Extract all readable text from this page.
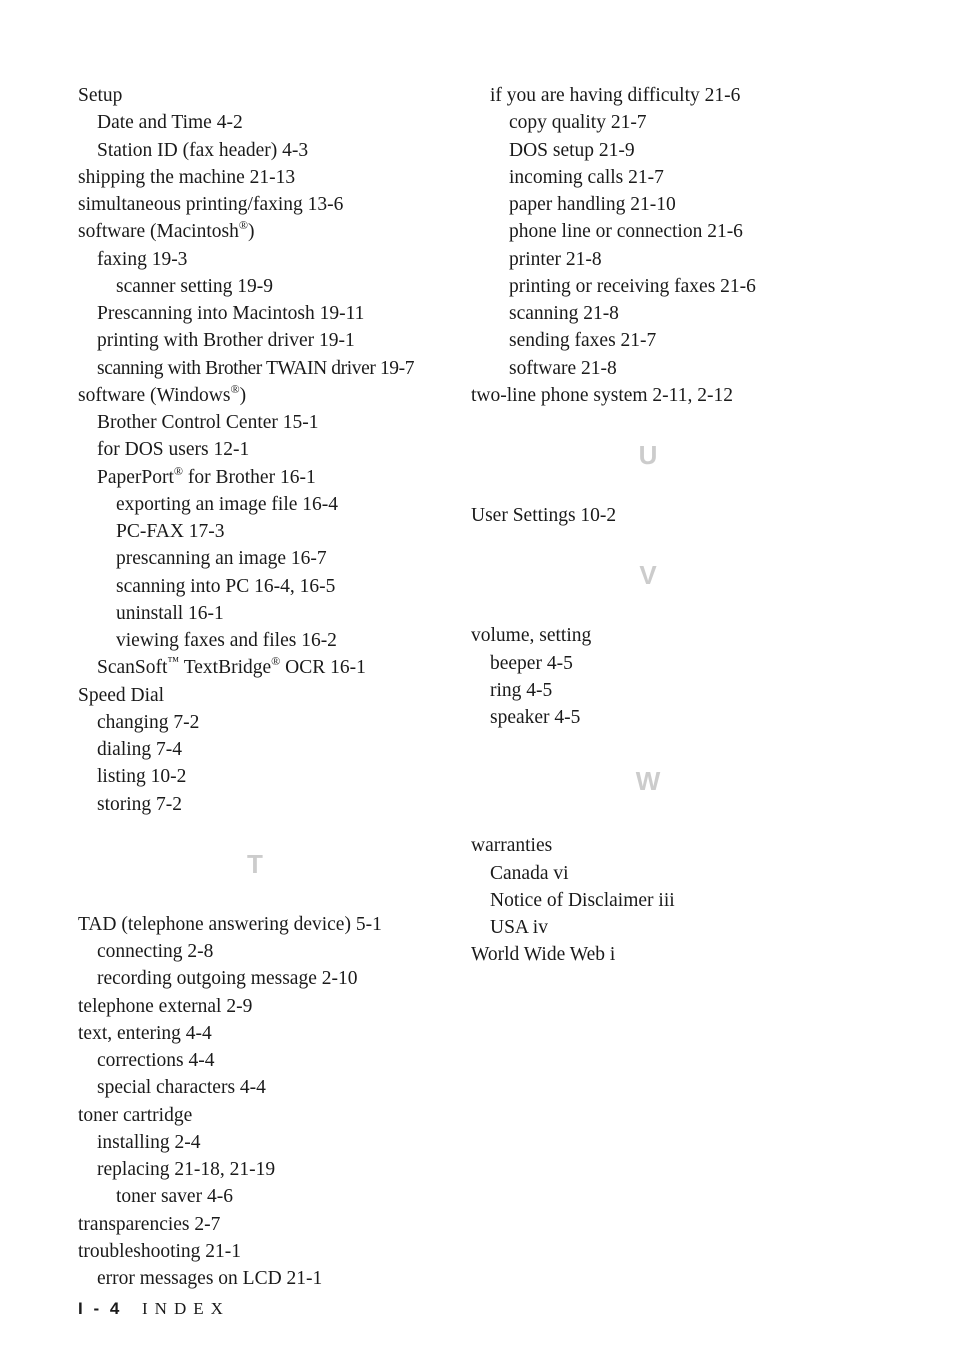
Setup
Date and Time 4-2
Station ID (fax header) 4-3
shipping the machine 21-13
simultaneous printing/faxing 13-6
software (Macintosh®)
faxing 19-3
scanner setting 19-9
Prescanning into Macintosh 19-11
printing with Brother driver 19-1
scanning with Brother TWAIN driver 19-7
software (Windows®)
Brother Control Center 15-1
for DOS users 12-1
PaperPort® for Brother 16-1
exporting an image file 16-4
PC-FAX 17-3
prescanning an image 16-7
scanning into PC 16-4, 16-5
uninstall 16-1
viewing faxes and files 16-2
ScanSoft™ TextBridge® OCR 16-1
Speed Dial
changing 7-2
dialing 7-4
listing 10-2
storing 7-2
T
TAD (telephone answering device) 5-1
connecting 2-8
recording outgoing message 2-10
telephone external 2-9
text, entering 4-4
corrections 4-4
special characters 4-4
toner cartridge
installing 2-4
replacing 21-18, 21-19
toner saver 4-6
transparencies 2-7
troubleshooting 21-1
error messages on LCD 21-1
if you are having difficulty 21-6
copy quality 21-7
DOS setup 21-9
incoming calls 21-7
paper handling 21-10
phone line or connection 21-6
printer 21-8
printing or receiving faxes 21-6
scanning 21-8
sending faxes 21-7
software 21-8
two-line phone system 2-11, 2-12
U
User Settings 10-2
V
volume, setting
beeper 4-5
ring 4-5
speaker 4-5
W
warranties
Canada vi
Notice of Disclaimer iii
USA iv
World Wide Web i
I - 4 INDEX
